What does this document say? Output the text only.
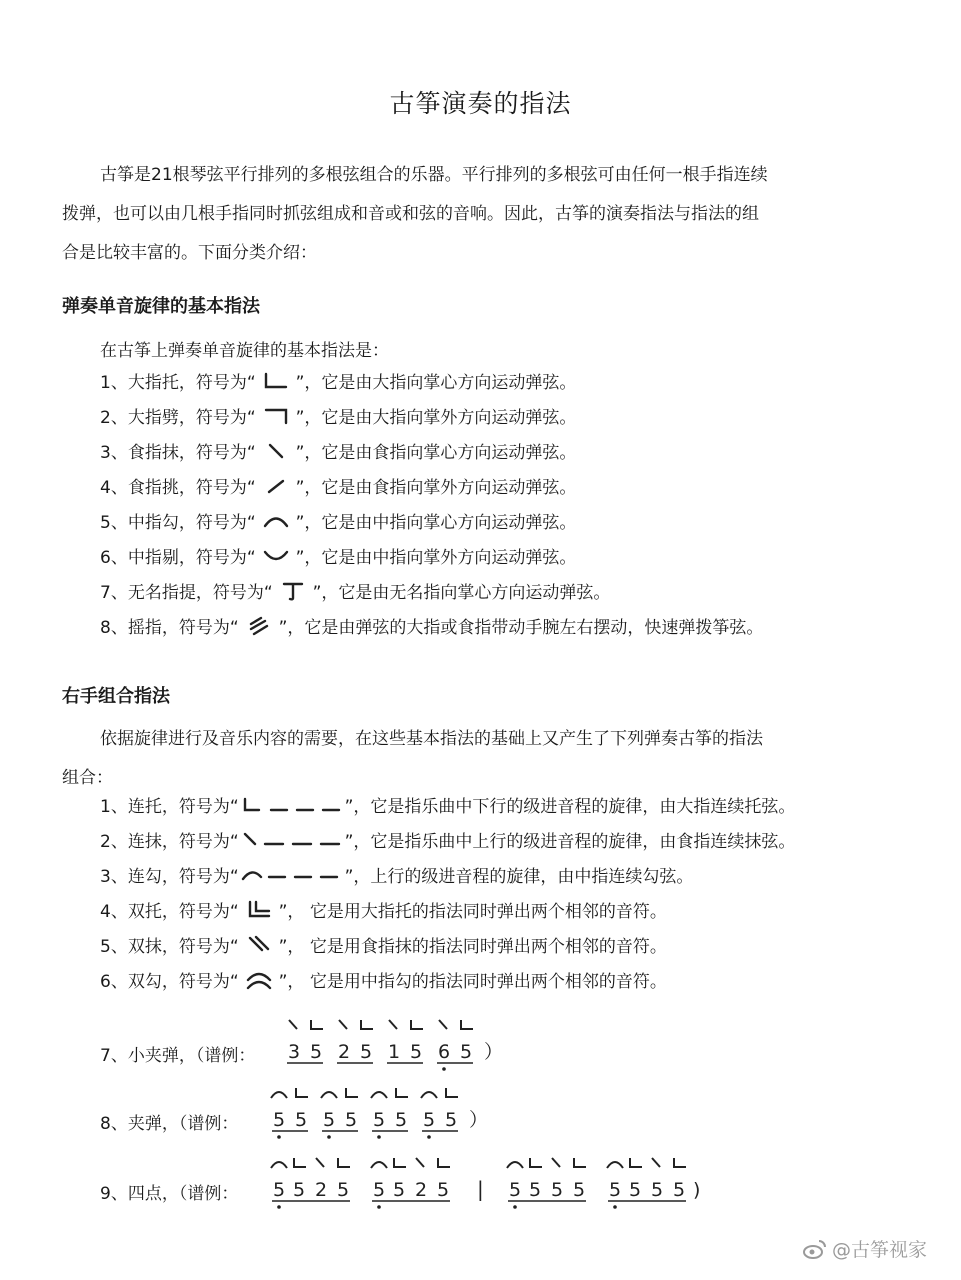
古筝演奏的指法
古筝是21根琴弦平行排列的多根弦组合的乐器。平行排列的多根弦可由任何一根手指连续
拨弹，也可以由几根手指同时抓弦组成和音或和弦的音响。因此，古筝的演奏指法与指法的组
合是比较丰富的。下面分类介绍：
弹奏单音旋律的基本指法
在古筝上弹奏单音旋律的基本指法是：
1、大指托，符号为“ ”，它是由大指向掌心方向运动弹弦。
2、大指劈，符号为“ ”，它是由大指向掌外方向运动弹弦。
3、食指抹，符号为“ ”，它是由食指向掌心方向运动弹弦。
4、食指挑，符号为“ ”，它是由食指向掌外方向运动弹弦。
5、中指勾，符号为“ ”，它是由中指向掌心方向运动弹弦。
6、中指剔，符号为“ ”，它是由中指向掌外方向运动弹弦。
7、无名指提，符号为“ ”，它是由无名指向掌心方向运动弹弦。
8、摇指，符号为“ ”，它是由弹弦的大指或食指带动手腕左右摆动，快速弹拨筝弦。
右手组合指法
依据旋律进行及音乐内容的需要，在这些基本指法的基础上又产生了下列弹奏古筝的指法
组合：
1、连托，符号为“	”，它是指乐曲中下行的级进音程的旋律，由大指连续托弦。
2、连抹，符号为“	”，它是指乐曲中上行的级进音程的旋律，由食指连续抹弦。
3、连勾，符号为“	”，上行的级进音程的旋律，由中指连续勾弦。
4、双托，符号为“ ”， 它是用大指托的指法同时弹出两个相邻的音符。
5、双抹，符号为“ ”， 它是用食指抹的指法同时弹出两个相邻的音符。
6、双勾，符号为“ ”， 它是用中指勾的指法同时弹出两个相邻的音符。
7、小夹弹，（谱例： 3 5 2 5 1 5 6 5 ）
8、夹弹，（谱例： 5 5 5 5 5 5 5 5 ）
9、四点，（谱例： 5 5 2 5 5 5 2 5	5 5 5 5 5 5 5 5
|	)
@古筝视家
